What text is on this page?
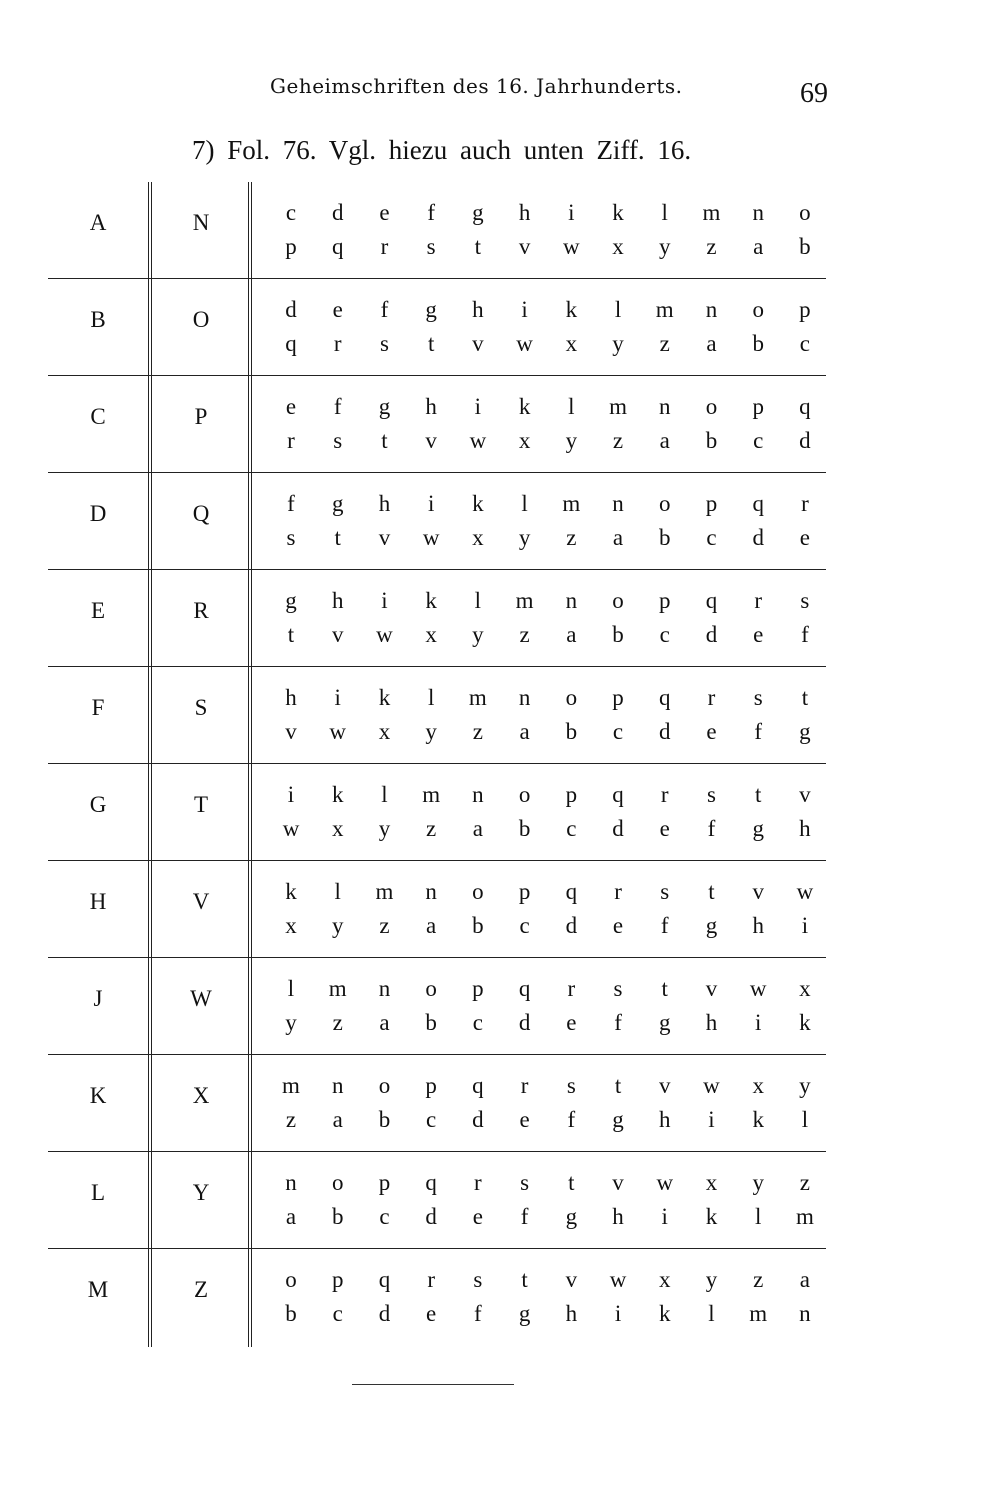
Geheimschriften des 16. Jahrhunderts.	69
7) Fol. 76. Vgl. hiezu auch unten Ziff. 16.
A	N	c	d	e	f	g	h	i	k	l	m	n	o
p	q	r	s	t	v	w	x	y	z	a	b
B	O	d	e	f	g	h	i	k	l	m	n	o	p
q	r	s	t	v	w	x	y	z	a	b	c
C	P	e	f	g	h	i	k	l	m	n	o	p	q
r	s	t	v	w	x	y	z	a	b	c	d
D	Q	f	g	h	i	k	l	m	n	o	p	q	r
s	t	v	w	x	y	z	a	b	c	d	e
E	R	g	h	i	k	l	m	n	o	p	q	r	s
t	v	w	x	y	z	a	b	c	d	e	f
F	S	h	i	k	l	m	n	o	p	q	r	s	t
v	w	x	y	z	a	b	c	d	e	f	g
G	T	i	k	l	m	n	o	p	q	r	s	t	v
w	x	y	z	a	b	c	d	e	f	g	h
H	V	k	l	m	n	o	p	q	r	s	t	v	w
x	y	z	a	b	c	d	e	f	g	h	i
J	W	l	m	n	o	p	q	r	s	t	v	w	x
y	z	a	b	c	d	e	f	g	h	i	k
K	X	m	n	o	p	q	r	s	t	v	w	x	y
z	a	b	c	d	e	f	g	h	i	k	l
L	Y	n	o	p	q	r	s	t	v	w	x	y	z
a	b	c	d	e	f	g	h	i	k	l	m
M	Z	o	p	q	r	s	t	v	w	x	y	z	a
b	c	d	e	f	g	h	i	k	l	m	n
